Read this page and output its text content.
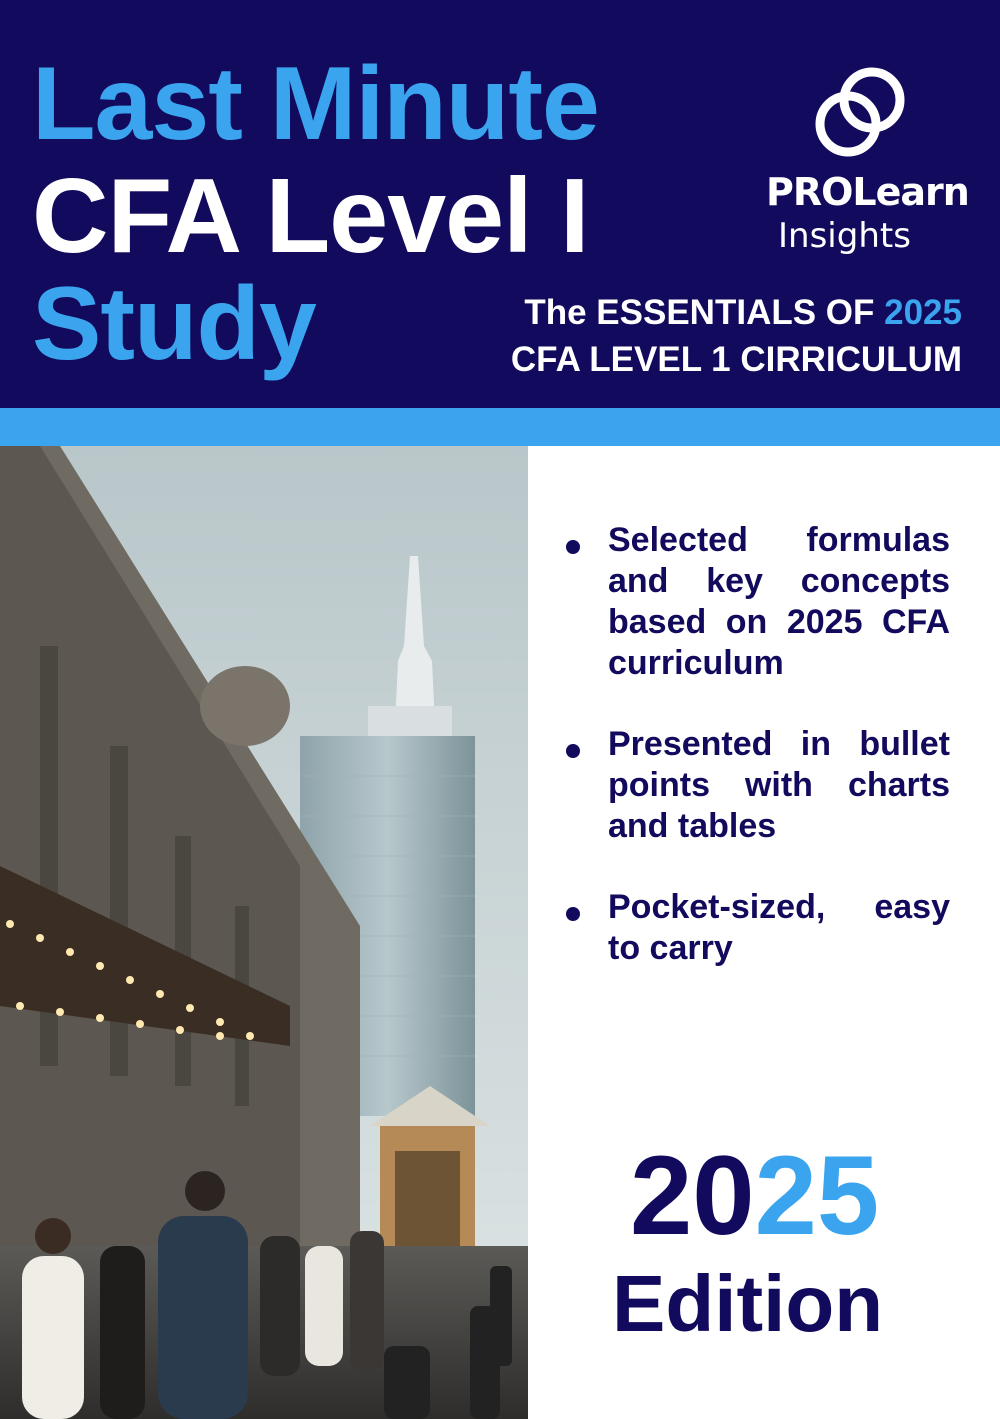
Last Minute
CFA Level I
Study
PROLearn
Insights
The ESSENTIALS OF 2025
CFA LEVEL 1 CIRRICULUM
Selected formulas and key concepts based on 2025 CFA curriculum
Presented in bullet points with charts and tables
Pocket-sized, easy to carry
2025
Edition
